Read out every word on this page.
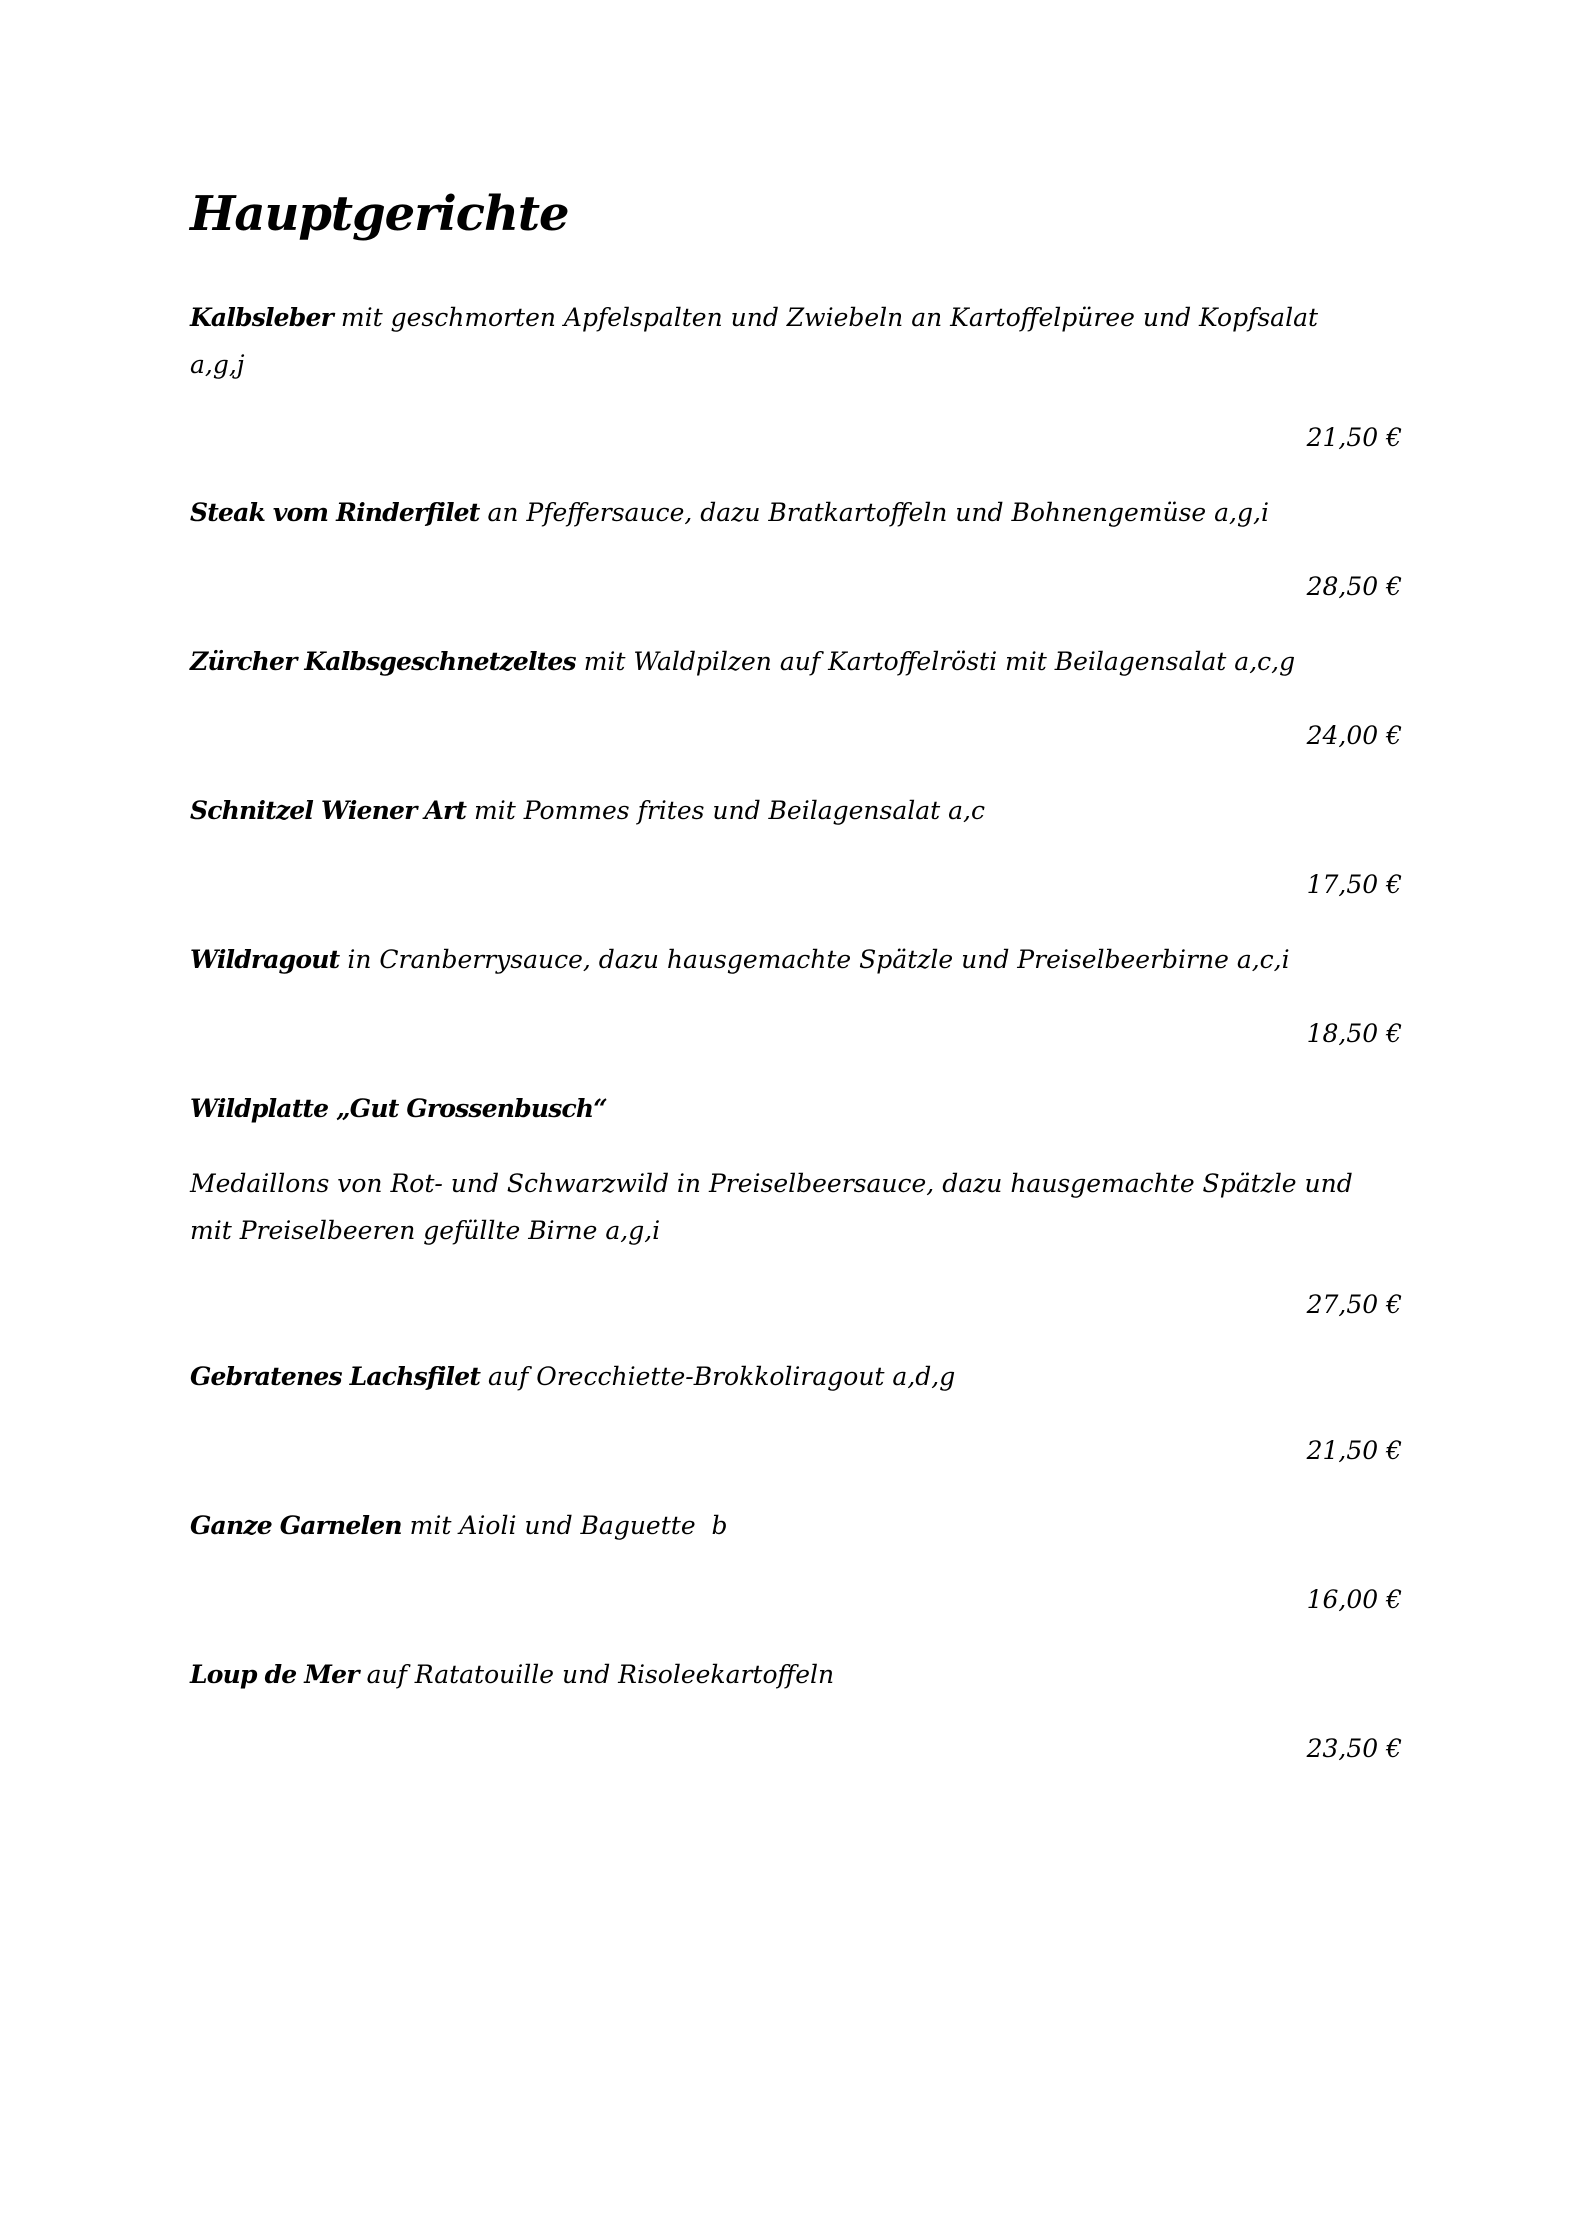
Hauptgerichte

Kalbsleber mit geschmorten Apfelspalten und Zwiebeln an Kartoffelpüree und Kopfsalat

a,g,j

21,50 €

Steak vom Rinderfilet an Pfeffersauce, dazu Bratkartoffeln und Bohnengemüse a,g,i

28,50 €

Zürcher Kalbsgeschnetzeltes mit Waldpilzen auf Kartoffelrösti mit Beilagensalat a,c,g

24,00 €

Schnitzel Wiener Art mit Pommes frites und Beilagensalat a,c

17,50 €

Wildragout in Cranberrysauce, dazu hausgemachte Spätzle und Preiselbeerbirne a,c,i

18,50 €

Wildplatte „Gut Grossenbusch“

Medaillons von Rot- und Schwarzwild in Preiselbeersauce, dazu hausgemachte Spätzle und mit Preiselbeeren gefüllte Birne a,g,i

27,50 €

Gebratenes Lachsfilet auf Orecchiette-Brokkoliragout a,d,g

21,50 €

Ganze Garnelen mit Aioli und Baguette  b

16,00 €

Loup de Mer auf Ratatouille und Risoleekartoffeln

23,50 €
